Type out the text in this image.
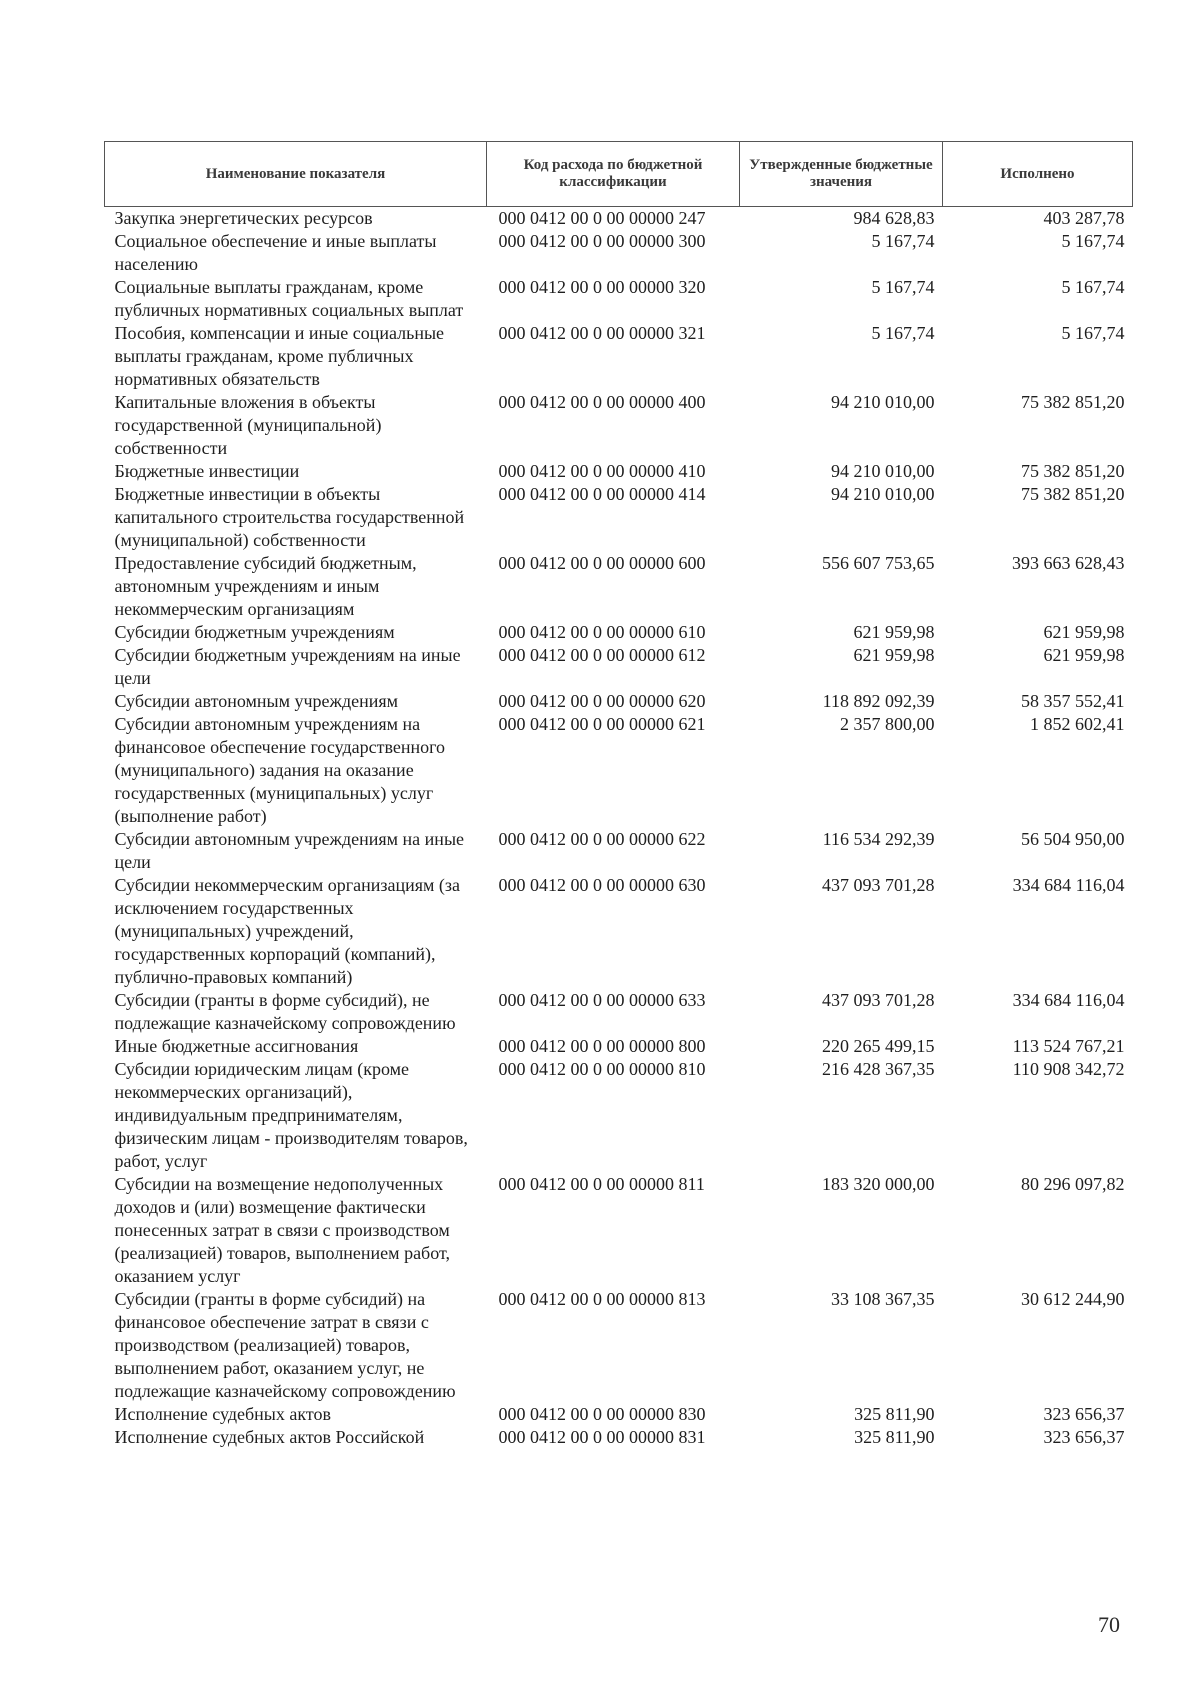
Наименование показателя	Код расхода по бюджетной классификации	Утвержденные бюджетные значения	Исполнено
Закупка энергетических ресурсов	000 0412 00 0 00 00000 247	984 628,83	403 287,78
Социальное обеспечение и иные выплаты населению	000 0412 00 0 00 00000 300	5 167,74	5 167,74
Социальные выплаты гражданам, кроме публичных нормативных социальных выплат	000 0412 00 0 00 00000 320	5 167,74	5 167,74
Пособия, компенсации и иные социальные выплаты гражданам, кроме публичных нормативных обязательств	000 0412 00 0 00 00000 321	5 167,74	5 167,74
Капитальные вложения в объекты государственной (муниципальной) собственности	000 0412 00 0 00 00000 400	94 210 010,00	75 382 851,20
Бюджетные инвестиции	000 0412 00 0 00 00000 410	94 210 010,00	75 382 851,20
Бюджетные инвестиции в объекты капитального строительства государственной (муниципальной) собственности	000 0412 00 0 00 00000 414	94 210 010,00	75 382 851,20
Предоставление субсидий бюджетным, автономным учреждениям и иным некоммерческим организациям	000 0412 00 0 00 00000 600	556 607 753,65	393 663 628,43
Субсидии бюджетным учреждениям	000 0412 00 0 00 00000 610	621 959,98	621 959,98
Субсидии бюджетным учреждениям на иные цели	000 0412 00 0 00 00000 612	621 959,98	621 959,98
Субсидии автономным учреждениям	000 0412 00 0 00 00000 620	118 892 092,39	58 357 552,41
Субсидии автономным учреждениям на финансовое обеспечение государственного (муниципального) задания на оказание государственных (муниципальных) услуг (выполнение работ)	000 0412 00 0 00 00000 621	2 357 800,00	1 852 602,41
Субсидии автономным учреждениям на иные цели	000 0412 00 0 00 00000 622	116 534 292,39	56 504 950,00
Субсидии некоммерческим организациям (за исключением государственных (муниципальных) учреждений, государственных корпораций (компаний), публично-правовых компаний)	000 0412 00 0 00 00000 630	437 093 701,28	334 684 116,04
Субсидии (гранты в форме субсидий), не подлежащие казначейскому сопровождению	000 0412 00 0 00 00000 633	437 093 701,28	334 684 116,04
Иные бюджетные ассигнования	000 0412 00 0 00 00000 800	220 265 499,15	113 524 767,21
Субсидии юридическим лицам (кроме некоммерческих организаций), индивидуальным предпринимателям, физическим лицам - производителям товаров, работ, услуг	000 0412 00 0 00 00000 810	216 428 367,35	110 908 342,72
Субсидии на возмещение недополученных доходов и (или) возмещение фактически понесенных затрат в связи с производством (реализацией) товаров, выполнением работ, оказанием услуг	000 0412 00 0 00 00000 811	183 320 000,00	80 296 097,82
Субсидии (гранты в форме субсидий) на финансовое обеспечение затрат в связи с производством (реализацией) товаров, выполнением работ, оказанием услуг, не подлежащие казначейскому сопровождению	000 0412 00 0 00 00000 813	33 108 367,35	30 612 244,90
Исполнение судебных актов	000 0412 00 0 00 00000 830	325 811,90	323 656,37
Исполнение судебных актов Российской	000 0412 00 0 00 00000 831	325 811,90	323 656,37
70
